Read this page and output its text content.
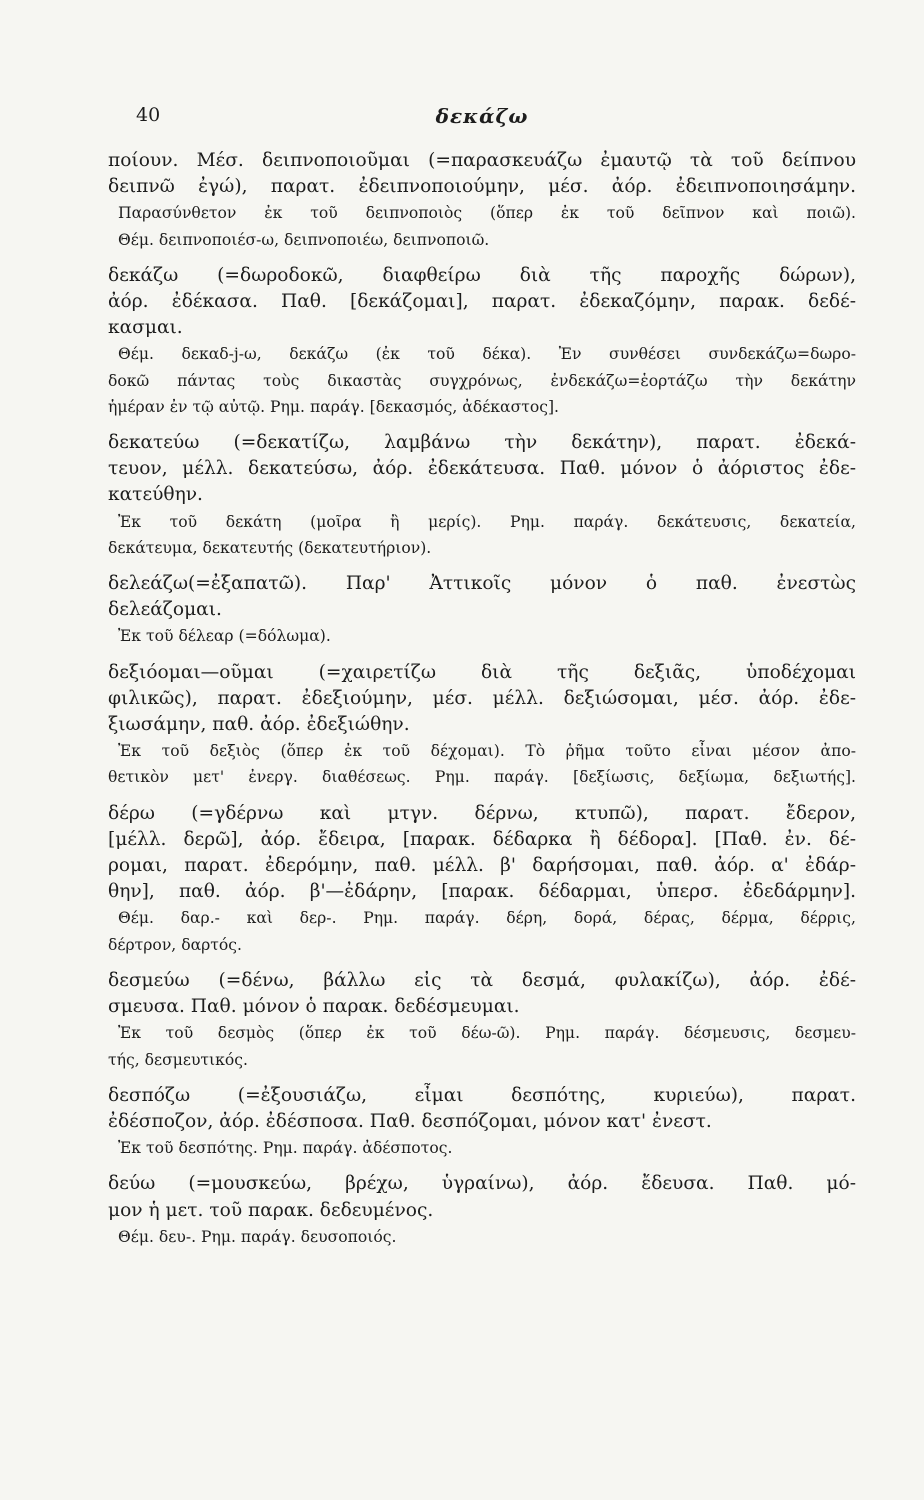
40	δεκάζω
ποίουν. Μέσ. δειπνοποιοῦμαι (=παρασκευάζω ἐμαυτῷ τὰ τοῦ δείπνου
δειπνῶ ἐγώ), παρατ. ἐδειπνοποιούμην, μέσ. ἀόρ. ἐδειπνοποιησάμην.
Παρασύνθετον ἐκ τοῦ δειπνοποιὸς (ὅπερ ἐκ τοῦ δεῖπνον καὶ ποιῶ).
Θέμ. δειπνοποιέσ-ω, δειπνοποιέω, δειπνοποιῶ.
δεκάζω (=δωροδοκῶ, διαφθείρω διὰ τῆς παροχῆς δώρων),
ἀόρ. ἐδέκασα. Παθ. [δεκάζομαι], παρατ. ἐδεκαζόμην, παρακ. δεδέ-
κασμαι.
Θέμ. δεκαδ-j-ω, δεκάζω (ἐκ τοῦ δέκα). Ἐν συνθέσει συνδεκάζω=δωρο-
δοκῶ πάντας τοὺς δικαστὰς συγχρόνως, ἐνδεκάζω=ἑορτάζω τὴν δεκάτην
ἡμέραν ἐν τῷ αὐτῷ. Ρημ. παράγ. [δεκασμός, ἀδέκαστος].
δεκατεύω (=δεκατίζω, λαμβάνω τὴν δεκάτην), παρατ. ἐδεκά-
τευον, μέλλ. δεκατεύσω, ἀόρ. ἐδεκάτευσα. Παθ. μόνον ὁ ἀόριστος ἐδε-
κατεύθην.
Ἐκ τοῦ δεκάτη (μοῖρα ἢ μερίς). Ρημ. παράγ. δεκάτευσις, δεκατεία,
δεκάτευμα, δεκατευτής (δεκατευτήριον).
δελεάζω(=ἐξαπατῶ). Παρ' Ἀττικοῖς μόνον ὁ παθ. ἐνεστὼς
δελεάζομαι.
Ἐκ τοῦ δέλεαρ (=δόλωμα).
δεξιόομαι—οῦμαι (=χαιρετίζω διὰ τῆς δεξιᾶς, ὑποδέχομαι
φιλικῶς), παρατ. ἐδεξιούμην, μέσ. μέλλ. δεξιώσομαι, μέσ. ἀόρ. ἐδε-
ξιωσάμην, παθ. ἀόρ. ἐδεξιώθην.
Ἐκ τοῦ δεξιὸς (ὅπερ ἐκ τοῦ δέχομαι). Τὸ ῥῆμα τοῦτο εἶναι μέσον ἀπο-
θετικὸν μετ' ἐνεργ. διαθέσεως. Ρημ. παράγ. [δεξίωσις, δεξίωμα, δεξιωτής].
δέρω (=γδέρνω καὶ μτγν. δέρνω, κτυπῶ), παρατ. ἔδερον,
[μέλλ. δερῶ], ἀόρ. ἔδειρα, [παρακ. δέδαρκα ἢ δέδορα]. [Παθ. ἐν. δέ-
ρομαι, παρατ. ἐδερόμην, παθ. μέλλ. β' δαρήσομαι, παθ. ἀόρ. α' ἐδάρ-
θην], παθ. ἀόρ. β'—ἐδάρην, [παρακ. δέδαρμαι, ὑπερσ. ἐδεδάρμην].
Θέμ. δαρ.- καὶ δερ-. Ρημ. παράγ. δέρη, δορά, δέρας, δέρμα, δέρρις,
δέρτρον, δαρτός.
δεσμεύω (=δένω, βάλλω εἰς τὰ δεσμά, φυλακίζω), ἀόρ. ἐδέ-
σμευσα. Παθ. μόνον ὁ παρακ. δεδέσμευμαι.
Ἐκ τοῦ δεσμὸς (ὅπερ ἐκ τοῦ δέω-ῶ). Ρημ. παράγ. δέσμευσις, δεσμευ-
τής, δεσμευτικός.
δεσπόζω (=ἐξουσιάζω, εἶμαι δεσπότης, κυριεύω), παρατ.
ἐδέσποζον, ἀόρ. ἐδέσποσα. Παθ. δεσπόζομαι, μόνον κατ' ἐνεστ.
Ἐκ τοῦ δεσπότης. Ρημ. παράγ. ἀδέσποτος.
δεύω (=μουσκεύω, βρέχω, ὑγραίνω), ἀόρ. ἔδευσα. Παθ. μό-
μον ἡ μετ. τοῦ παρακ. δεδευμένος.
Θέμ. δευ-. Ρημ. παράγ. δευσοποιός.
